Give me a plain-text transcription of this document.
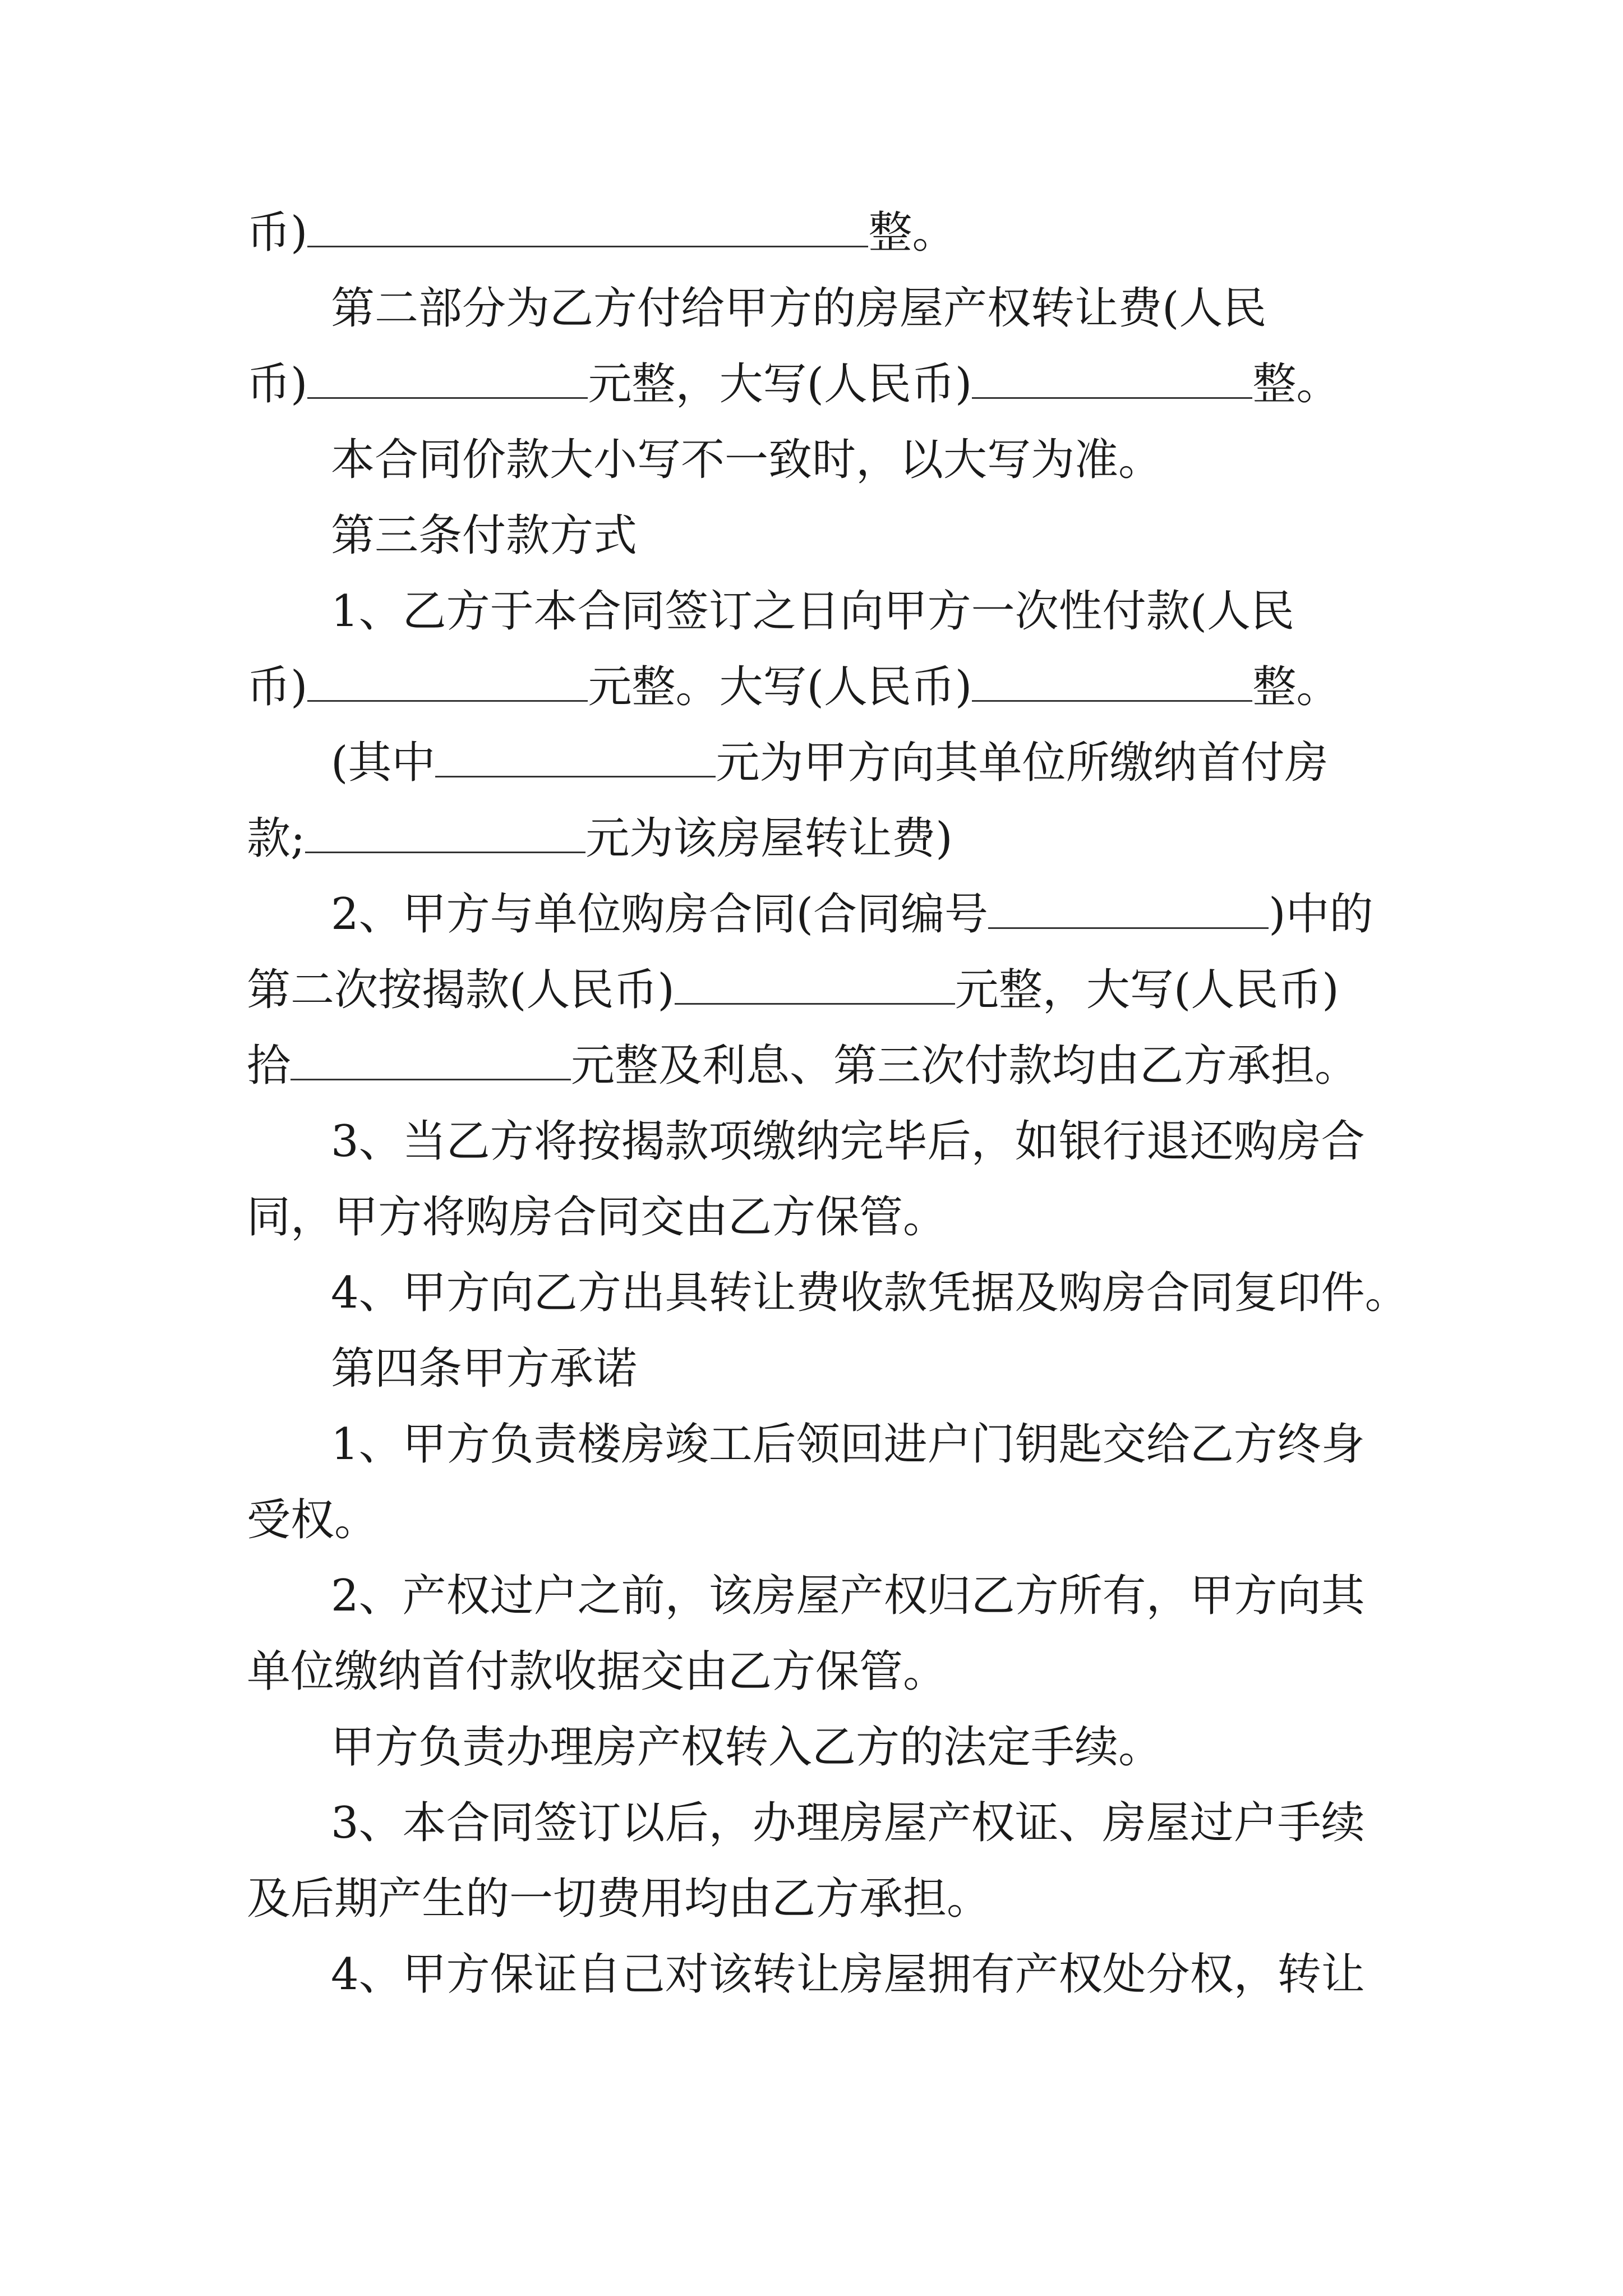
币)	整。
第二部分为乙方付给甲方的房屋产权转让费(人民
币)	元整，大写(人民币)	整。
本合同价款大小写不一致时，以大写为准。
第三条付款方式
1、乙方于本合同签订之日向甲方一次性付款(人民
币)	元整。大写(人民币)	整。
(其中	元为甲方向其单位所缴纳首付房
款;	元为该房屋转让费)
2、甲方与单位购房合同(合同编号	)中的
第二次按揭款(人民币)	元整，大写(人民币)
拾	元整及利息、第三次付款均由乙方承担。
3、当乙方将按揭款项缴纳完毕后，如银行退还购房合
同，甲方将购房合同交由乙方保管。
4、甲方向乙方出具转让费收款凭据及购房合同复印件。
第四条甲方承诺
1、甲方负责楼房竣工后领回进户门钥匙交给乙方终身
受权。
2、产权过户之前，该房屋产权归乙方所有，甲方向其
单位缴纳首付款收据交由乙方保管。
甲方负责办理房产权转入乙方的法定手续。
3、本合同签订以后，办理房屋产权证、房屋过户手续
及后期产生的一切费用均由乙方承担。
4、甲方保证自己对该转让房屋拥有产权处分权，转让
